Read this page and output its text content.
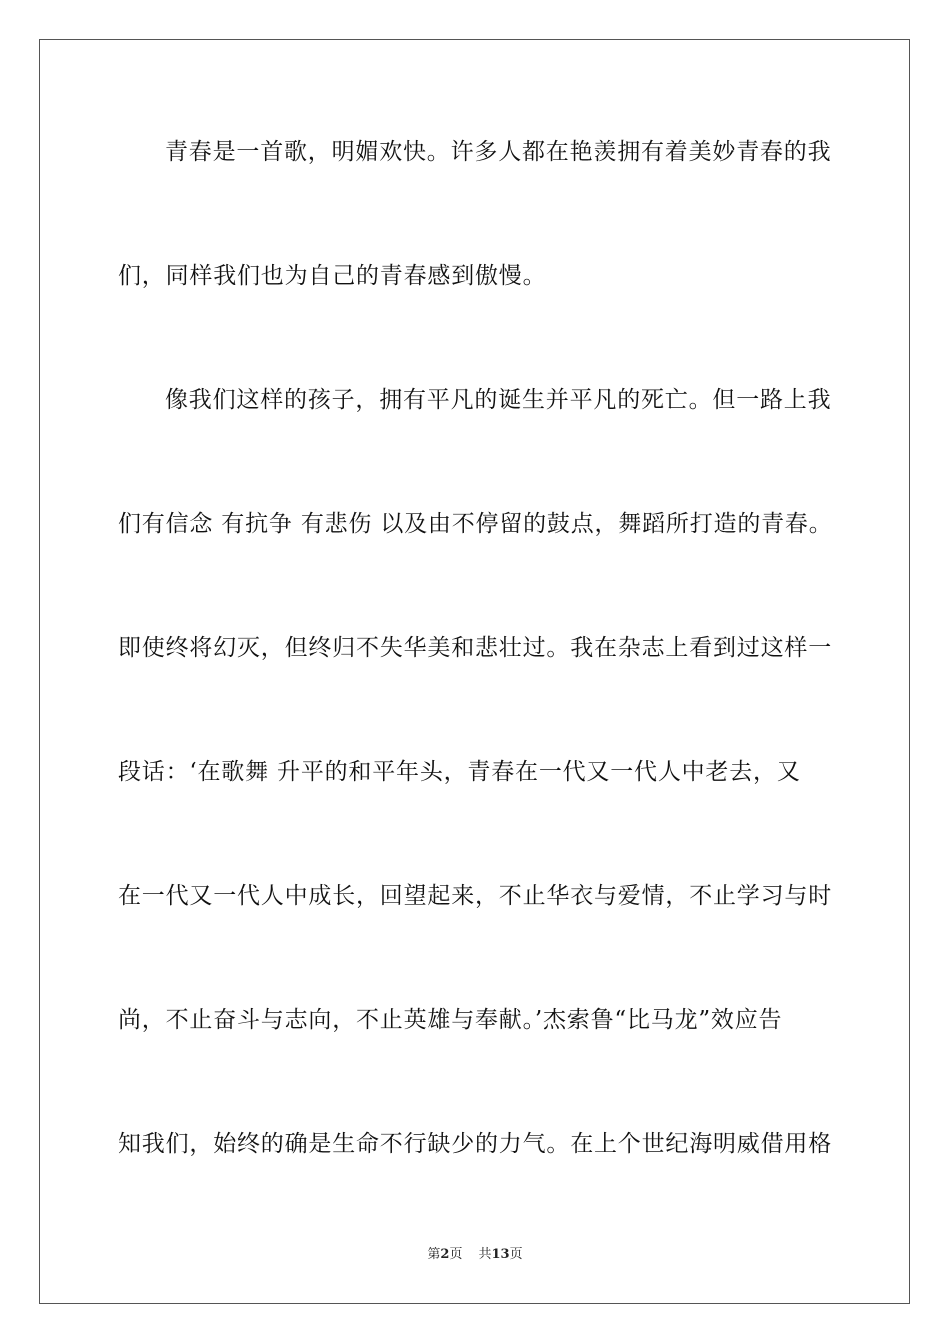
青春是一首歌，明媚欢快。许多人都在艳羡拥有着美妙青春的我
们，同样我们也为自己的青春感到傲慢。
像我们这样的孩子，拥有平凡的诞生并平凡的死亡。但一路上我
们有信念 有抗争 有悲伤 以及由不停留的鼓点，舞蹈所打造的青春。
即使终将幻灭，但终归不失华美和悲壮过。我在杂志上看到过这样一
段话：‘在歌舞 升平的和平年头，青春在一代又一代人中老去，又
在一代又一代人中成长，回望起来，不止华衣与爱情，不止学习与时
尚，不止奋斗与志向，不止英雄与奉献。’杰索鲁“比马龙”效应告
知我们，始终的确是生命不行缺少的力气。在上个世纪海明威借用格
第2页 共13页
